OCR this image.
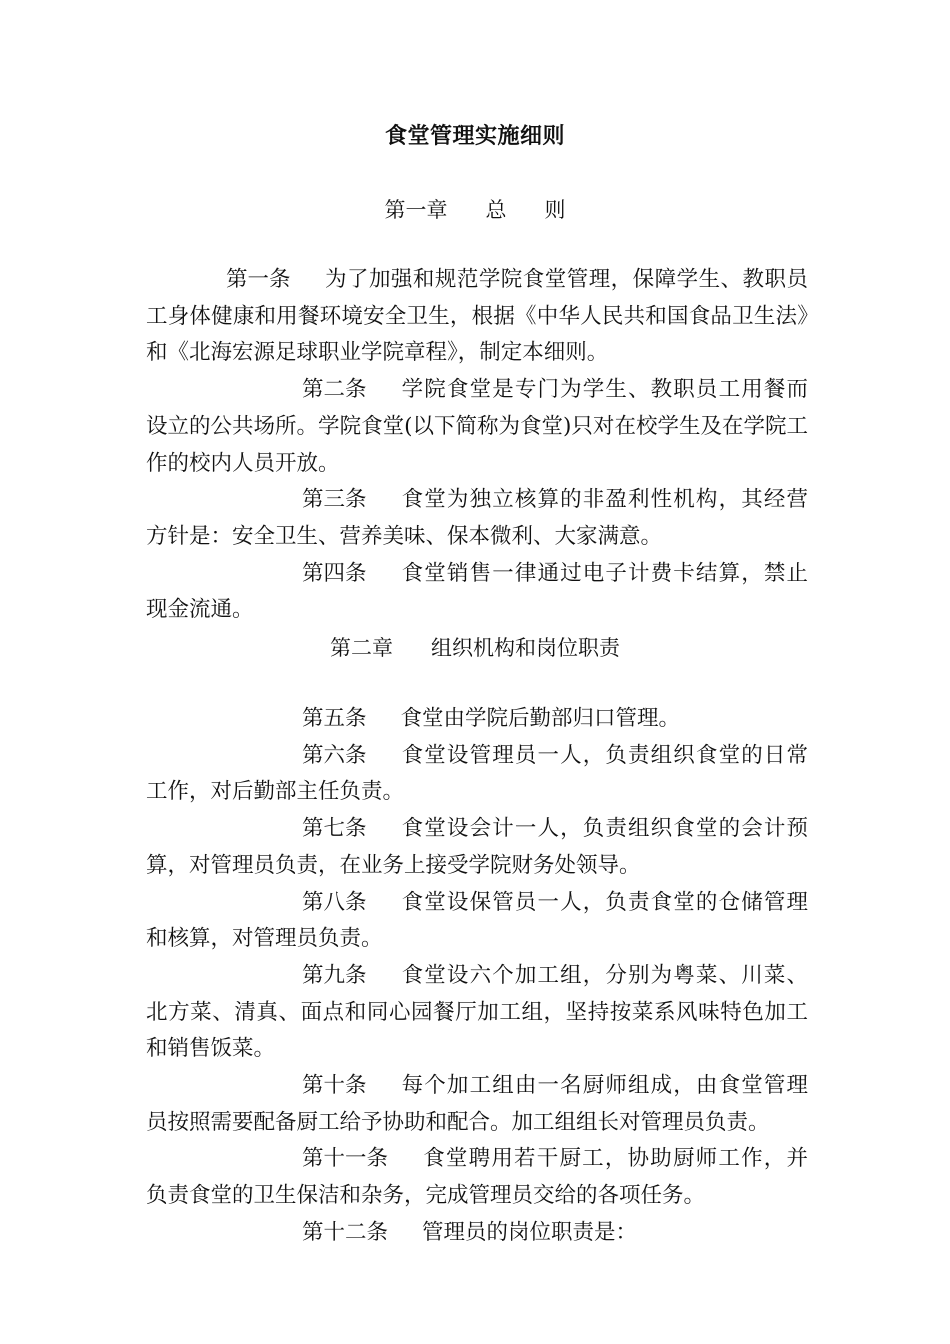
食堂管理实施细则
第一章 总 则

第一条 为了加强和规范学院食堂管理，保障学生、教职员工身体健康和用餐环境安全卫生，根据《中华人民共和国食品卫生法》和《北海宏源足球职业学院章程》，制定本细则。

第二条 学院食堂是专门为学生、教职员工用餐而设立的公共场所。学院食堂(以下简称为食堂)只对在校学生及在学院工作的校内人员开放。

第三条 食堂为独立核算的非盈利性机构，其经营方针是：安全卫生、营养美味、保本微利、大家满意。

第四条 食堂销售一律通过电子计费卡结算，禁止现金流通。

第二章 组织机构和岗位职责

第五条 食堂由学院后勤部归口管理。

第六条 食堂设管理员一人，负责组织食堂的日常工作，对后勤部主任负责。

第七条 食堂设会计一人，负责组织食堂的会计预算，对管理员负责，在业务上接受学院财务处领导。

第八条 食堂设保管员一人，负责食堂的仓储管理和核算，对管理员负责。

第九条 食堂设六个加工组，分别为粤菜、川菜、北方菜、清真、面点和同心园餐厅加工组，坚持按菜系风味特色加工和销售饭菜。

第十条 每个加工组由一名厨师组成，由食堂管理员按照需要配备厨工给予协助和配合。加工组组长对管理员负责。

第十一条 食堂聘用若干厨工，协助厨师工作，并负责食堂的卫生保洁和杂务，完成管理员交给的各项任务。

第十二条 管理员的岗位职责是：
